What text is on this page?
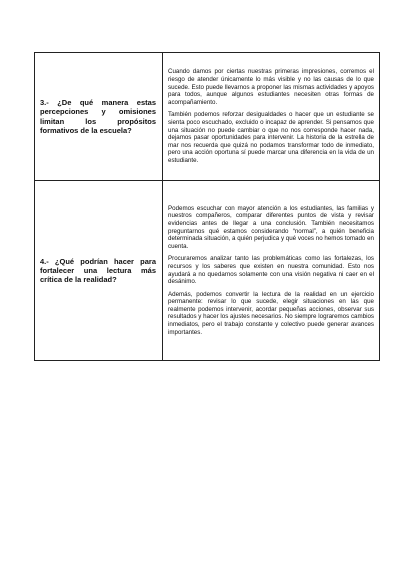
3.- ¿De qué manera estas percepciones y omisiones limitan los propósitos formativos de la escuela?	Cuando damos por ciertas nuestras primeras impresiones, corremos el riesgo de atender únicamente lo más visible y no las causas de lo que sucede. Esto puede llevarnos a proponer las mismas actividades y apoyos para todos, aunque algunos estudiantes necesiten otras formas de acompañamiento.

También podemos reforzar desigualdades o hacer que un estudiante se sienta poco escuchado, excluido o incapaz de aprender. Si pensamos que una situación no puede cambiar o que no nos corresponde hacer nada, dejamos pasar oportunidades para intervenir. La historia de la estrella de mar nos recuerda que quizá no podamos transformar todo de inmediato, pero una acción oportuna sí puede marcar una diferencia en la vida de un estudiante.

4.- ¿Qué podrían hacer para fortalecer una lectura más crítica de la realidad?	Podemos escuchar con mayor atención a los estudiantes, las familias y nuestros compañeros, comparar diferentes puntos de vista y revisar evidencias antes de llegar a una conclusión. También necesitamos preguntarnos qué estamos considerando “normal”, a quién beneficia determinada situación, a quién perjudica y qué voces no hemos tomado en cuenta.

Procuraremos analizar tanto las problemáticas como las fortalezas, los recursos y los saberes que existen en nuestra comunidad. Esto nos ayudará a no quedarnos solamente con una visión negativa ni caer en el desánimo.

Además, podemos convertir la lectura de la realidad en un ejercicio permanente: revisar lo que sucede, elegir situaciones en las que realmente podemos intervenir, acordar pequeñas acciones, observar sus resultados y hacer los ajustes necesarios. No siempre lograremos cambios inmediatos, pero el trabajo constante y colectivo puede generar avances importantes.
